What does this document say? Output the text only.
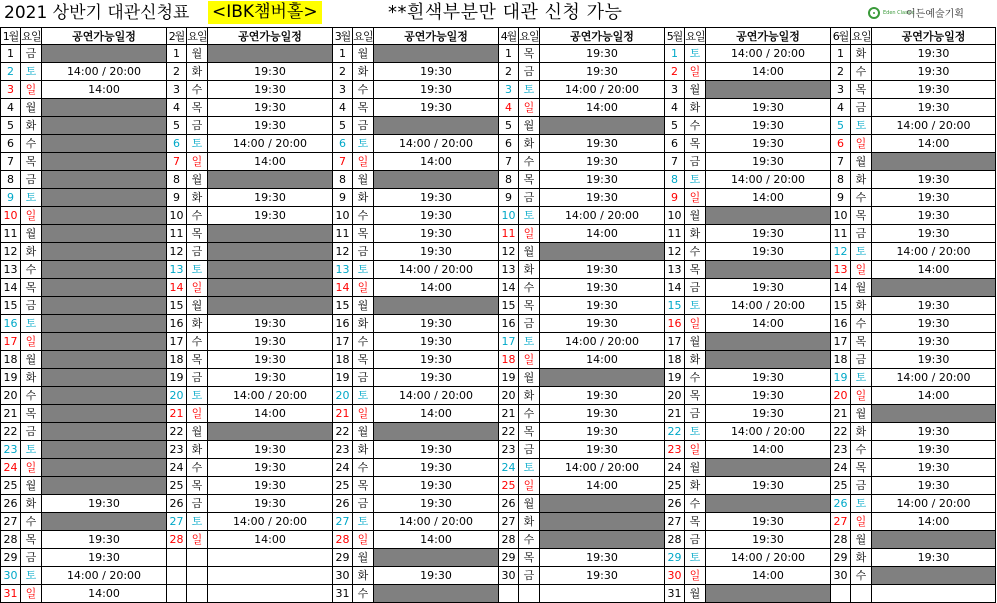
2021 상반기 대관신청표 <IBK챔버홀>	**흰색부분만 대관 신청 가능	Eden Classic
이든예술기획
1월 요일	공연가능일정
1	금
2	토	14:00 / 20:00
3	일	14:00
4	월
5	화
6	수
7	목
8	금
9	토
10 일
11 월
12 화
13 수
14 목
15 금
16 토
17 일
18 월
19 화
20 수
21 목
22 금
23 토
24 일
25 월
26 화	19:30
27 수
28 목	19:30
29 금	19:30
30 토	14:00 / 20:00
31 일	14:00
2월 요일	공연가능일정
1	월
2	화	19:30
3	수	19:30
4	목	19:30
5	금	19:30
6	토	14:00 / 20:00
7	일	14:00
8	월
9	화	19:30
10 수	19:30
11 목
12 금
13 토
14 일
15 월
16 화	19:30
17 수	19:30
18 목	19:30
19 금	19:30
20 토	14:00 / 20:00
21 일	14:00
22 월
23 화	19:30
24 수	19:30
25 목	19:30
26 금	19:30
27 토	14:00 / 20:00
28 일	14:00
3월 요일	공연가능일정
1	월
2	화	19:30
3	수	19:30
4	목	19:30
5	금
6	토	14:00 / 20:00
7	일	14:00
8	월
9	화	19:30
10 수	19:30
11 목	19:30
12 금	19:30
13 토	14:00 / 20:00
14 일	14:00
15 월
16 화	19:30
17 수	19:30
18 목	19:30
19 금	19:30
20 토	14:00 / 20:00
21 일	14:00
22 월
23 화	19:30
24 수	19:30
25 목	19:30
26 금	19:30
27 토	14:00 / 20:00
28 일	14:00
29 월
30 화	19:30
31 수
4월 요일	공연가능일정
1	목	19:30
2	금	19:30
3	토	14:00 / 20:00
4	일	14:00
5	월
6	화	19:30
7	수	19:30
8	목	19:30
9	금	19:30
10 토	14:00 / 20:00
11 일	14:00
12 월
13 화	19:30
14 수	19:30
15 목	19:30
16 금	19:30
17 토	14:00 / 20:00
18 일	14:00
19 월
20 화	19:30
21 수	19:30
22 목	19:30
23 금	19:30
24 토	14:00 / 20:00
25 일	14:00
26 월
27 화
28 수
29 목	19:30
30 금	19:30
5월 요일	공연가능일정
1	토	14:00 / 20:00
2	일	14:00
3	월
4	화	19:30
5	수	19:30
6	목	19:30
7	금	19:30
8	토	14:00 / 20:00
9	일	14:00
10 월
11 화	19:30
12 수	19:30
13 목
14 금	19:30
15 토	14:00 / 20:00
16 일	14:00
17 월
18 화
19 수	19:30
20 목	19:30
21 금	19:30
22 토	14:00 / 20:00
23 일	14:00
24 월
25 화	19:30
26 수
27 목	19:30
28 금	19:30
29 토	14:00 / 20:00
30 일	14:00
31 월
6월 요일	공연가능일정
1	화	19:30
2	수	19:30
3	목	19:30
4	금	19:30
5	토	14:00 / 20:00
6	일	14:00
7	월
8	화	19:30
9	수	19:30
10 목	19:30
11 금	19:30
12 토	14:00 / 20:00
13 일	14:00
14 월
15 화	19:30
16 수	19:30
17 목	19:30
18 금	19:30
19 토	14:00 / 20:00
20 일	14:00
21 월
22 화	19:30
23 수	19:30
24 목	19:30
25 금	19:30
26 토	14:00 / 20:00
27 일	14:00
28 월
29 화	19:30
30 수
